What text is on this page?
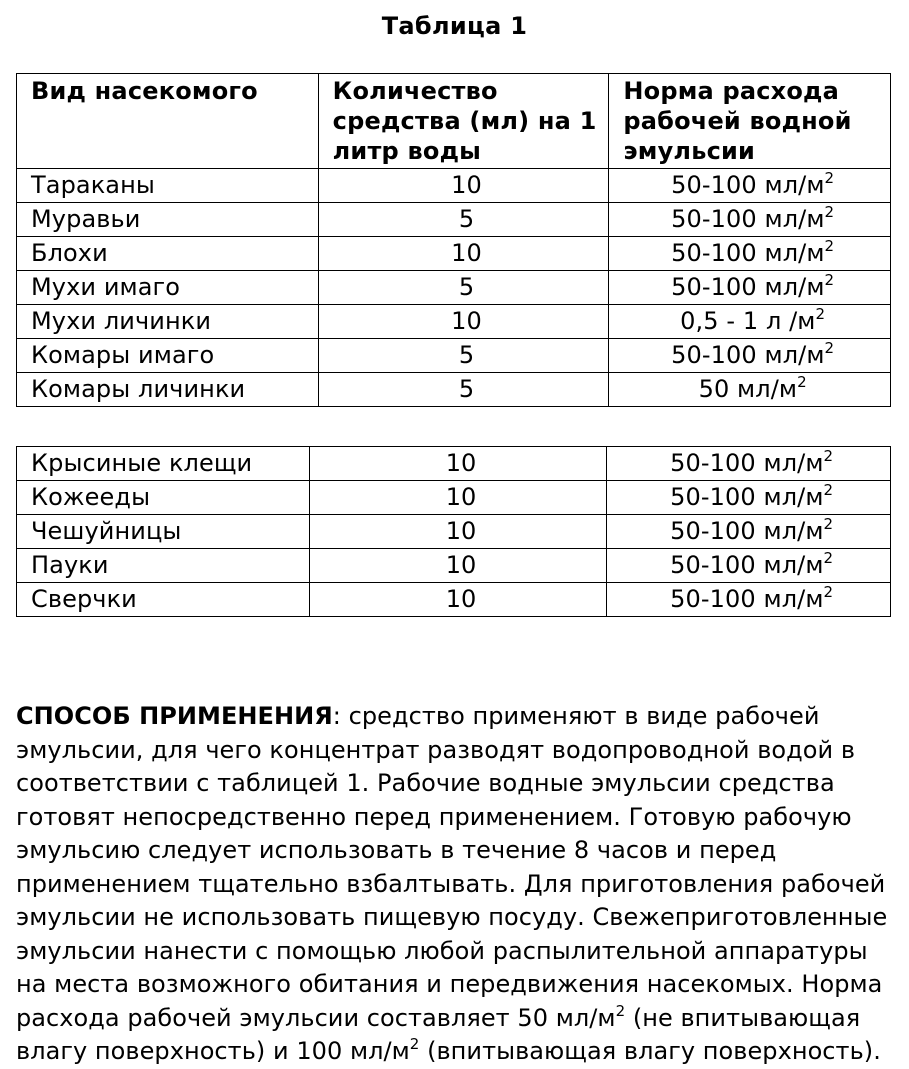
Таблица 1
Вид насекомого	Количество средства (мл) на 1 литр воды	Норма расхода рабочей водной эмульсии
Тараканы	10	50-100 $мл/м^2$
Муравьи	5	50-100 $мл/м^2$
Блохи	10	50-100 $мл/м^2$
Мухи имаго	5	50-100 $мл/м^2$
Мухи личинки	10	0,5 - 1 л $/м^2$
Комары имаго	5	50-100 $мл/м^2$
Комары личинки	5	50 $мл/м^2$
Крысиные клещи	10	50-100 $мл/м^2$
Кожееды	10	50-100 $мл/м^2$
Чешуйницы	10	50-100 $мл/м^2$
Пауки	10	50-100 $мл/м^2$
Сверчки	10	50-100 $мл/м^2$

СПОСОБ ПРИМЕНЕНИЯ: средство применяют в виде рабочей эмульсии, для чего концентрат разводят водопроводной водой в соответствии с таблицей 1. Рабочие водные эмульсии средства готовят непосредственно перед применением. Готовую рабочую эмульсию следует использовать в течение 8 часов и перед применением тщательно взбалтывать. Для приготовления рабочей эмульсии не использовать пищевую посуду. Свежеприготовленные эмульсии нанести с помощью любой распылительной аппаратуры на места возможного обитания и передвижения насекомых. Норма расхода рабочей эмульсии составляет 50 $мл/м^2$ (не впитывающая влагу поверхность) и 100 $мл/м^2$ (впитывающая влагу поверхность).
